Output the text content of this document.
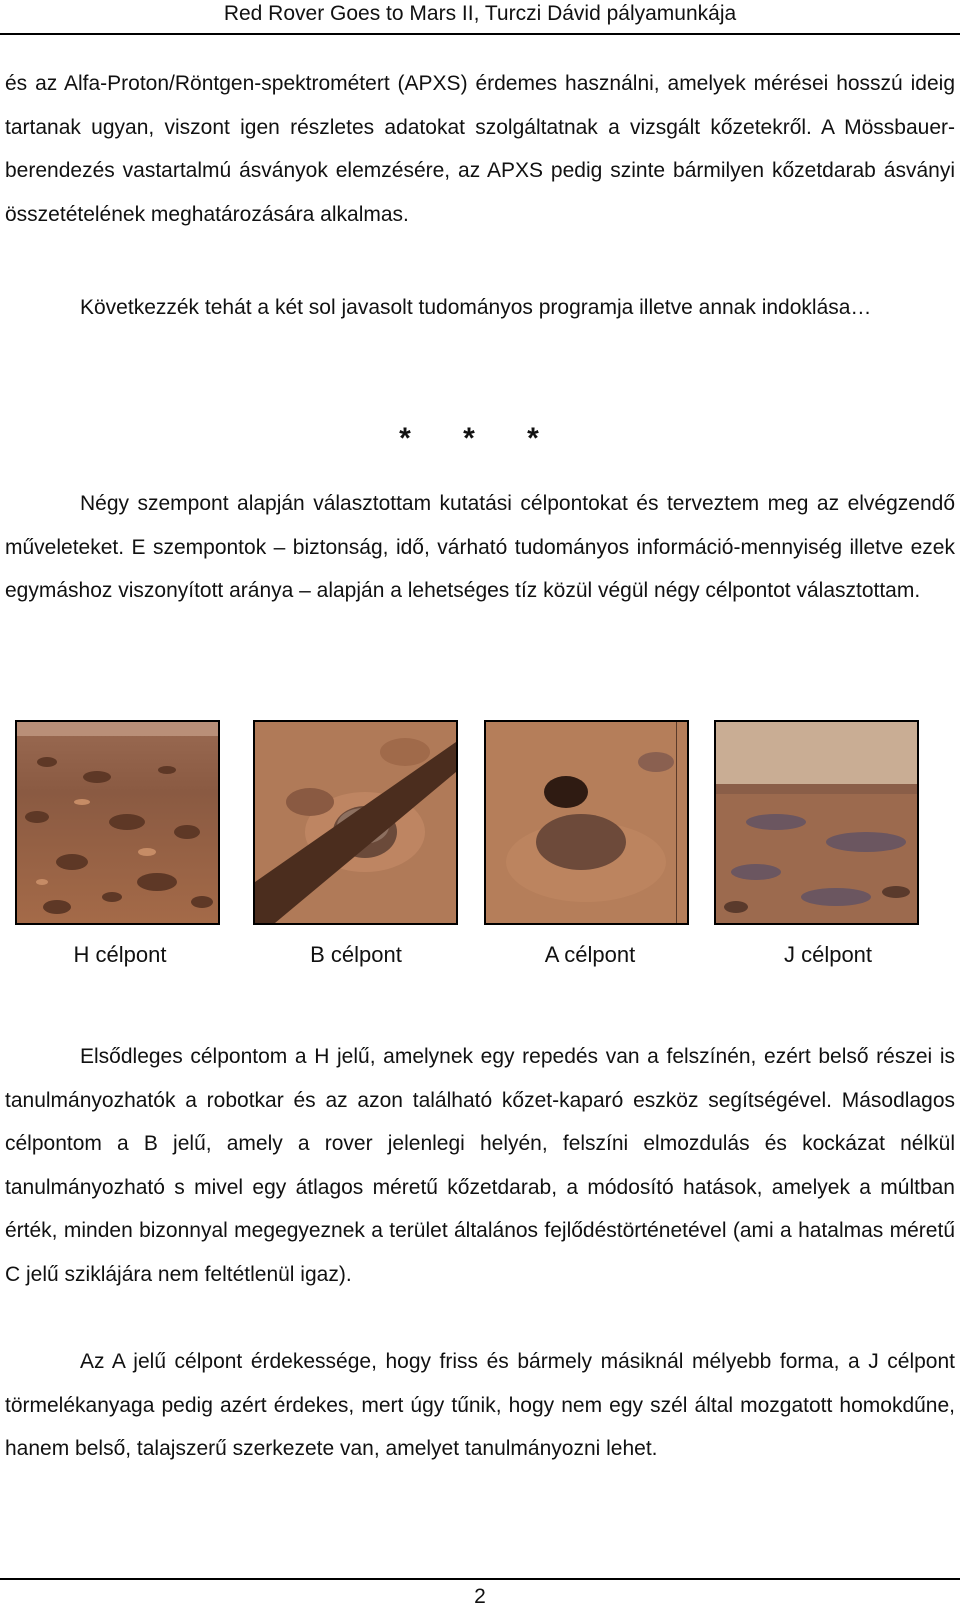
Red Rover Goes to Mars II, Turczi Dávid pályamunkája

és az Alfa-Proton/Röntgen-spektrométert (APXS) érdemes használni, amelyek mérései hosszú ideig tartanak ugyan, viszont igen részletes adatokat szolgáltatnak a vizsgált kőzetekről. A Mössbauer-berendezés vastartalmú ásványok elemzésére, az APXS pedig szinte bármilyen kőzetdarab ásványi összetételének meghatározására alkalmas.

Következzék tehát a két sol javasolt tudományos programja illetve annak indoklása…

* * *

Négy szempont alapján választottam kutatási célpontokat és terveztem meg az elvégzendő műveleteket. E szempontok – biztonság, idő, várható tudományos információ-mennyiség illetve ezek egymáshoz viszonyított aránya – alapján a lehetséges tíz közül végül négy célpontot választottam.

H célpont	B célpont	A célpont	J célpont

Elsődleges célpontom a H jelű, amelynek egy repedés van a felszínén, ezért belső részei is tanulmányozhatók a robotkar és az azon található kőzet-kaparó eszköz segítségével. Másodlagos célpontom a B jelű, amely a rover jelenlegi helyén, felszíni elmozdulás és kockázat nélkül tanulmányozható s mivel egy átlagos méretű kőzetdarab, a módosító hatások, amelyek a múltban érték, minden bizonnyal megegyeznek a terület általános fejlődéstörténetével (ami a hatalmas méretű C jelű sziklájára nem feltétlenül igaz).

Az A jelű célpont érdekessége, hogy friss és bármely másiknál mélyebb forma, a J célpont törmelékanyaga pedig azért érdekes, mert úgy tűnik, hogy nem egy szél által mozgatott homokdűne, hanem belső, talajszerű szerkezete van, amelyet tanulmányozni lehet.

2
